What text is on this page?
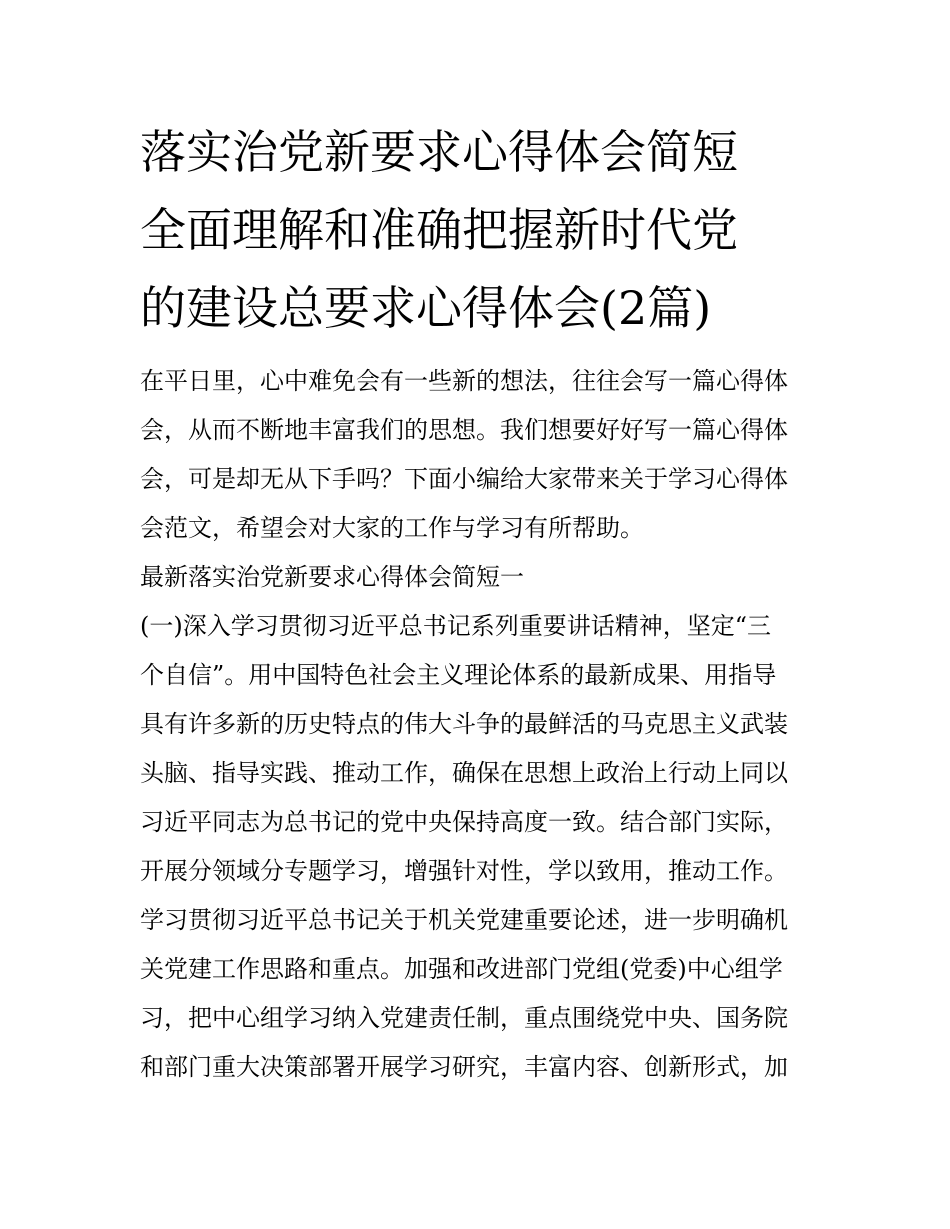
落实治党新要求心得体会简短
全面理解和准确把握新时代党
的建设总要求心得体会(2篇)
在平日里，心中难免会有一些新的想法，往往会写一篇心得体
会，从而不断地丰富我们的思想。我们想要好好写一篇心得体
会，可是却无从下手吗？下面小编给大家带来关于学习心得体
会范文，希望会对大家的工作与学习有所帮助。
最新落实治党新要求心得体会简短一
(一)深入学习贯彻习近平总书记系列重要讲话精神，坚定“三
个自信”。用中国特色社会主义理论体系的最新成果、用指导
具有许多新的历史特点的伟大斗争的最鲜活的马克思主义武装
头脑、指导实践、推动工作，确保在思想上政治上行动上同以
习近平同志为总书记的党中央保持高度一致。结合部门实际，
开展分领域分专题学习，增强针对性，学以致用，推动工作。
学习贯彻习近平总书记关于机关党建重要论述，进一步明确机
关党建工作思路和重点。加强和改进部门党组(党委)中心组学
习，把中心组学习纳入党建责任制，重点围绕党中央、国务院
和部门重大决策部署开展学习研究，丰富内容、创新形式，加
